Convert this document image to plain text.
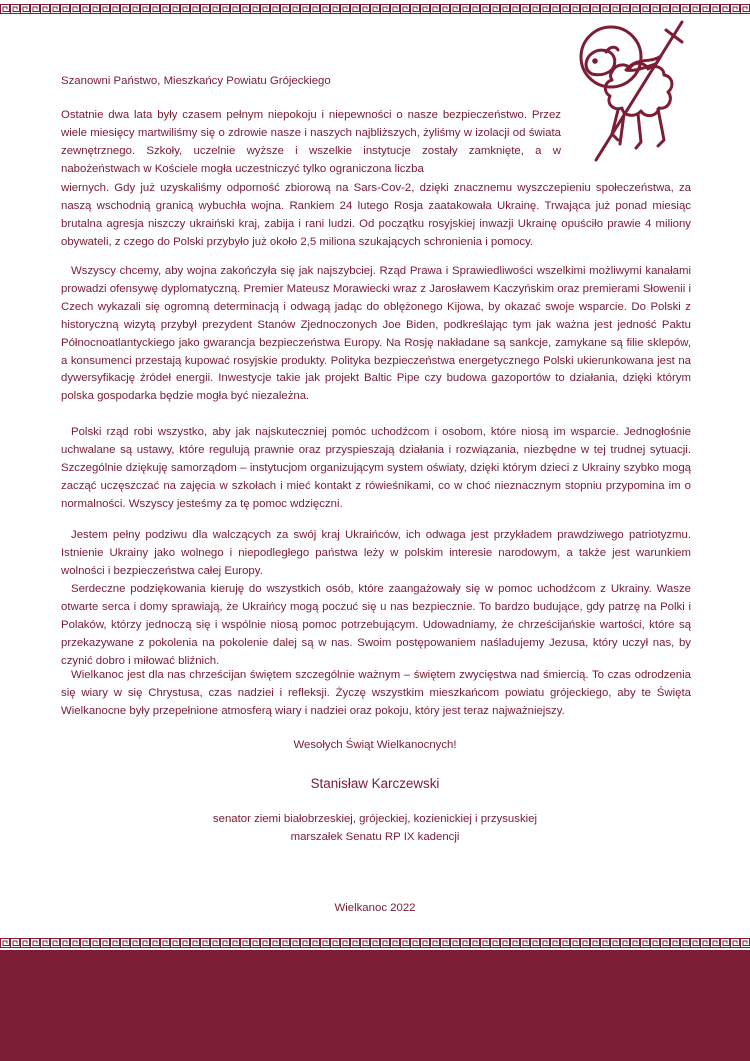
Szanowni Państwo, Mieszkańcy Powiatu Grójeckiego

Ostatnie dwa lata były czasem pełnym niepokoju i niepewności o nasze bezpieczeństwo. Przez wiele miesięcy martwiliśmy się o zdrowie nasze i naszych najbliższych, żyliśmy w izolacji od świata zewnętrznego. Szkoły, uczelnie wyższe i wszelkie instytucje zostały zamknięte, a w nabożeństwach w Kościele mogła uczestniczyć tylko ograniczona liczba

wiernych. Gdy już uzyskaliśmy odporność zbiorową na Sars-Cov-2, dzięki znacznemu wyszczepieniu społeczeństwa, za naszą wschodnią granicą wybuchła wojna. Rankiem 24 lutego Rosja zaatakowała Ukrainę. Trwająca już ponad miesiąc brutalna agresja niszczy ukraiński kraj, zabija i rani ludzi. Od początku rosyjskiej inwazji Ukrainę opuściło prawie 4 miliony obywateli, z czego do Polski przybyło już około 2,5 miliona szukających schronienia i pomocy.

Wszyscy chcemy, aby wojna zakończyła się jak najszybciej. Rząd Prawa i Sprawiedliwości wszelkimi możliwymi kanałami prowadzi ofensywę dyplomatyczną. Premier Mateusz Morawiecki wraz z Jarosławem Kaczyńskim oraz premierami Słowenii i Czech wykazali się ogromną determinacją i odwagą jadąc do oblężonego Kijowa, by okazać swoje wsparcie. Do Polski z historyczną wizytą przybył prezydent Stanów Zjednoczonych Joe Biden, podkreślając tym jak ważna jest jedność Paktu Północnoatlantyckiego jako gwarancja bezpieczeństwa Europy. Na Rosję nakładane są sankcje, zamykane są filie sklepów, a konsumenci przestają kupować rosyjskie produkty. Polityka bezpieczeństwa energetycznego Polski ukierunkowana jest na dywersyfikację źródeł energii. Inwestycje takie jak projekt Baltic Pipe czy budowa gazoportów to działania, dzięki którym polska gospodarka będzie mogła być niezależna.

Polski rząd robi wszystko, aby jak najskuteczniej pomóc uchodźcom i osobom, które niosą im wsparcie. Jednogłośnie uchwalane są ustawy, które regulują prawnie oraz przyspieszają działania i rozwiązania, niezbędne w tej trudnej sytuacji. Szczególnie dziękuję samorządom – instytucjom organizującym system oświaty, dzięki którym dzieci z Ukrainy szybko mogą zacząć uczęszczać na zajęcia w szkołach i mieć kontakt z rówieśnikami, co w choć nieznacznym stopniu przypomina im o normalności. Wszyscy jesteśmy za tę pomoc wdzięczni.

Jestem pełny podziwu dla walczących za swój kraj Ukraińców, ich odwaga jest przykładem prawdziwego patriotyzmu. Istnienie Ukrainy jako wolnego i niepodległego państwa leży w polskim interesie narodowym, a także jest warunkiem wolności i bezpieczeństwa całej Europy.

Serdeczne podziękowania kieruję do wszystkich osób, które zaangażowały się w pomoc uchodźcom z Ukrainy. Wasze otwarte serca i domy sprawiają, że Ukraińcy mogą poczuć się u nas bezpiecznie. To bardzo budujące, gdy patrzę na Polki i Polaków, którzy jednoczą się i wspólnie niosą pomoc potrzebującym. Udowadniamy, że chrześcijańskie wartości, które są przekazywane z pokolenia na pokolenie dalej są w nas. Swoim postępowaniem naśladujemy Jezusa, który uczył nas, by czynić dobro i miłować bliźnich.

Wielkanoc jest dla nas chrześcijan świętem szczególnie ważnym – świętem zwycięstwa nad śmiercią. To czas odrodzenia się wiary w się Chrystusa, czas nadziei i refleksji. Życzę wszystkim mieszkańcom powiatu grójeckiego, aby te Święta Wielkanocne były przepełnione atmosferą wiary i nadziei oraz pokoju, który jest teraz najważniejszy.

Wesołych Świąt Wielkanocnych!

Stanisław Karczewski

senator ziemi białobrzeskiej, grójeckiej, kozienickiej i przysuskiej

marszałek Senatu RP IX kadencji

Wielkanoc 2022
